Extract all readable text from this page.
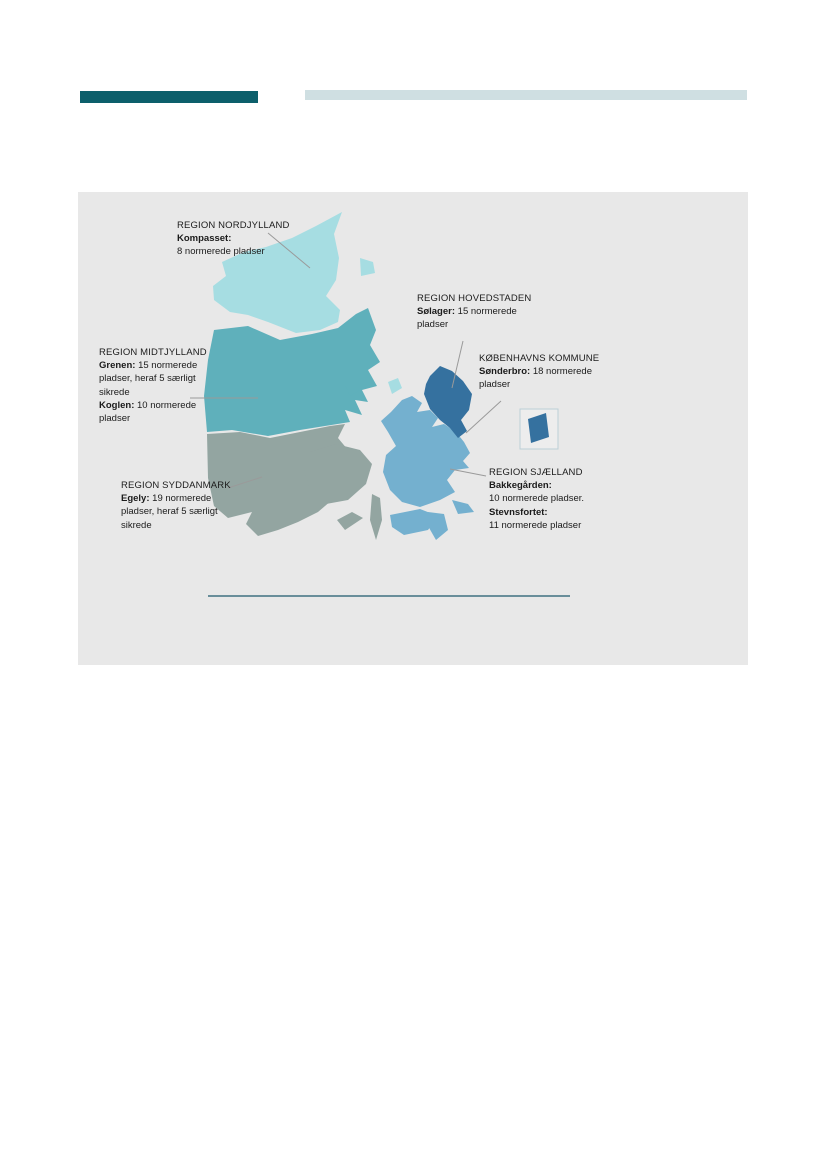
REGION NORDJYLLAND
Kompasset:
8 normerede pladser
REGION HOVEDSTADEN
Sølager: 15 normerede
pladser
REGION MIDTJYLLAND
Grenen: 15 normerede
pladser, heraf 5 særligt
sikrede
Koglen: 10 normerede
pladser
KØBENHAVNS KOMMUNE
Sønderbro: 18 normerede
pladser
REGION SYDDANMARK
Egely: 19 normerede
pladser, heraf 5 særligt
sikrede
REGION SJÆLLAND
Bakkegården:
10 normerede pladser.
Stevnsfortet:
11 normerede pladser
